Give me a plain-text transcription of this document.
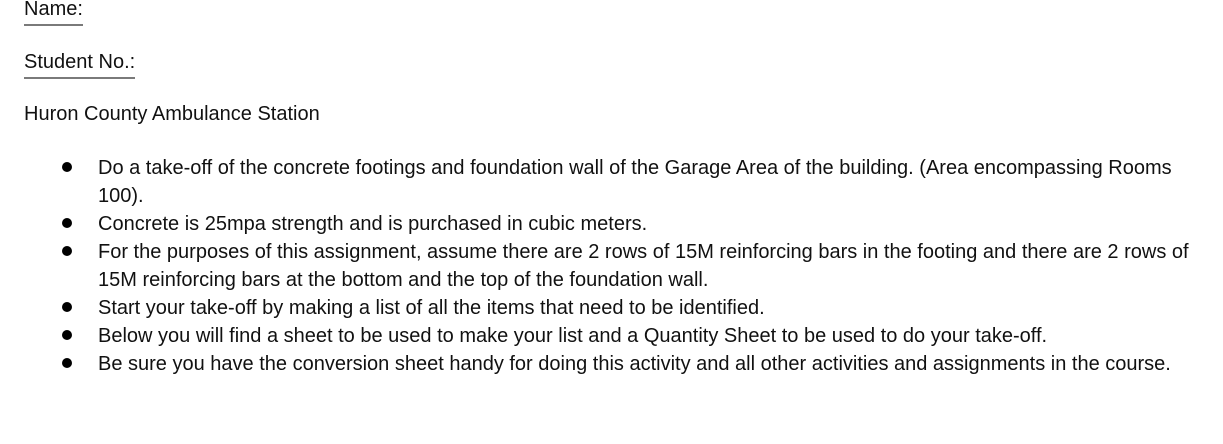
Name:
Student No.:
Huron County Ambulance Station
Do a take-off of the concrete footings and foundation wall of the Garage Area of the building. (Area encompassing Rooms 100).
Concrete is 25mpa strength and is purchased in cubic meters.
For the purposes of this assignment, assume there are 2 rows of 15M reinforcing bars in the footing and there are 2 rows of 15M reinforcing bars at the bottom and the top of the foundation wall.
Start your take-off by making a list of all the items that need to be identified.
Below you will find a sheet to be used to make your list and a Quantity Sheet to be used to do your take-off.
Be sure you have the conversion sheet handy for doing this activity and all other activities and assignments in the course.
